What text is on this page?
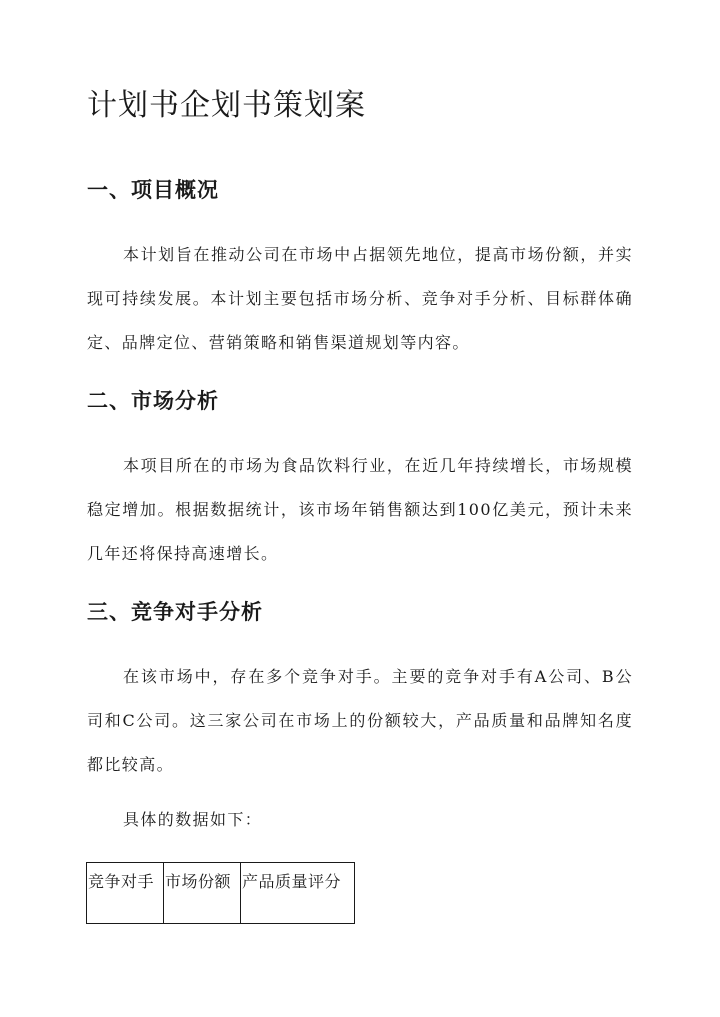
计划书企划书策划案
一、项目概况

本计划旨在推动公司在市场中占据领先地位，提高市场份额，并实现可持续发展。本计划主要包括市场分析、竞争对手分析、目标群体确定、品牌定位、营销策略和销售渠道规划等内容。

二、市场分析

本项目所在的市场为食品饮料行业，在近几年持续增长，市场规模稳定增加。根据数据统计，该市场年销售额达到100亿美元，预计未来几年还将保持高速增长。

三、竞争对手分析

在该市场中，存在多个竞争对手。主要的竞争对手有A公司、B公司和C公司。这三家公司在市场上的份额较大，产品质量和品牌知名度都比较高。

具体的数据如下：

竞争对手	市场份额	产品质量评分
